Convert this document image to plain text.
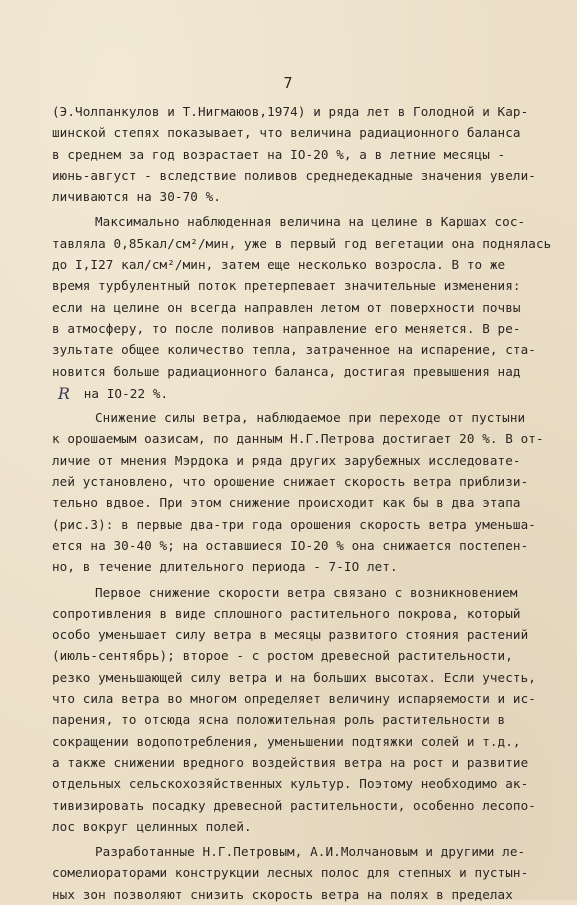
7
(Э.Чолпанкулов и Т.Нигмаюов,1974) и ряда лет в Голодной и Кар-
шинской степях показывает, что величина радиационного баланса
в среднем за год возрастает на IO-20 %, а в летние месяцы -
июнь-август - вследствие поливов среднедекадные значения увели-
личиваются на 30-70 %.
Максимально наблюденная величина на целине в Каршах сос-
тавляла 0,85кал/см²/мин, уже в первый год вегетации она поднялась
до I,I27 кал/см²/мин, затем еще несколько возросла. В то же
время турбулентный поток претерпевает значительные изменения:
если на целине он всегда направлен летом от поверхности почвы
в атмосферу, то после поливов направление его меняется. В ре-
зультате общее количество тепла, затраченное на испарение, ста-
новится больше радиационного баланса, достигая превышения над
R на IO-22 %.
Снижение силы ветра, наблюдаемое при переходе от пустыни
к орошаемым оазисам, по данным Н.Г.Петрова достигает 20 %. В от-
личие от мнения Мэрдока и ряда других зарубежных исследовате-
лей установлено, что орошение снижает скорость ветра приблизи-
тельно вдвое. При этом снижение происходит как бы в два этапа
(рис.3): в первые два-три года орошения скорость ветра уменьша-
ется на 30-40 %; на оставшиеся IO-20 % она снижается постепен-
но, в течение длительного периода - 7-IO лет.
Первое снижение скорости ветра связано с возникновением
сопротивления в виде сплошного растительного покрова, который
особо уменьшает силу ветра в месяцы развитого стояния растений
(июль-сентябрь); второе - с ростом древесной растительности,
резко уменьшающей силу ветра и на больших высотах. Если учесть,
что сила ветра во многом определяет величину испаряемости и ис-
парения, то отсюда ясна положительная роль растительности в
сокращении водопотребления, уменьшении подтяжки солей и т.д.,
а также снижении вредного воздействия ветра на рост и развитие
отдельных сельскохозяйственных культур. Поэтому необходимо ак-
тивизировать посадку древесной растительности, особенно лесопо-
лос вокруг целинных полей.
Разработанные Н.Г.Петровым, А.И.Молчановым и другими ле-
сомелиораторами конструкции лесных полос для степных и пустын-
ных зон позволяют снизить скорость ветра на полях в пределах
